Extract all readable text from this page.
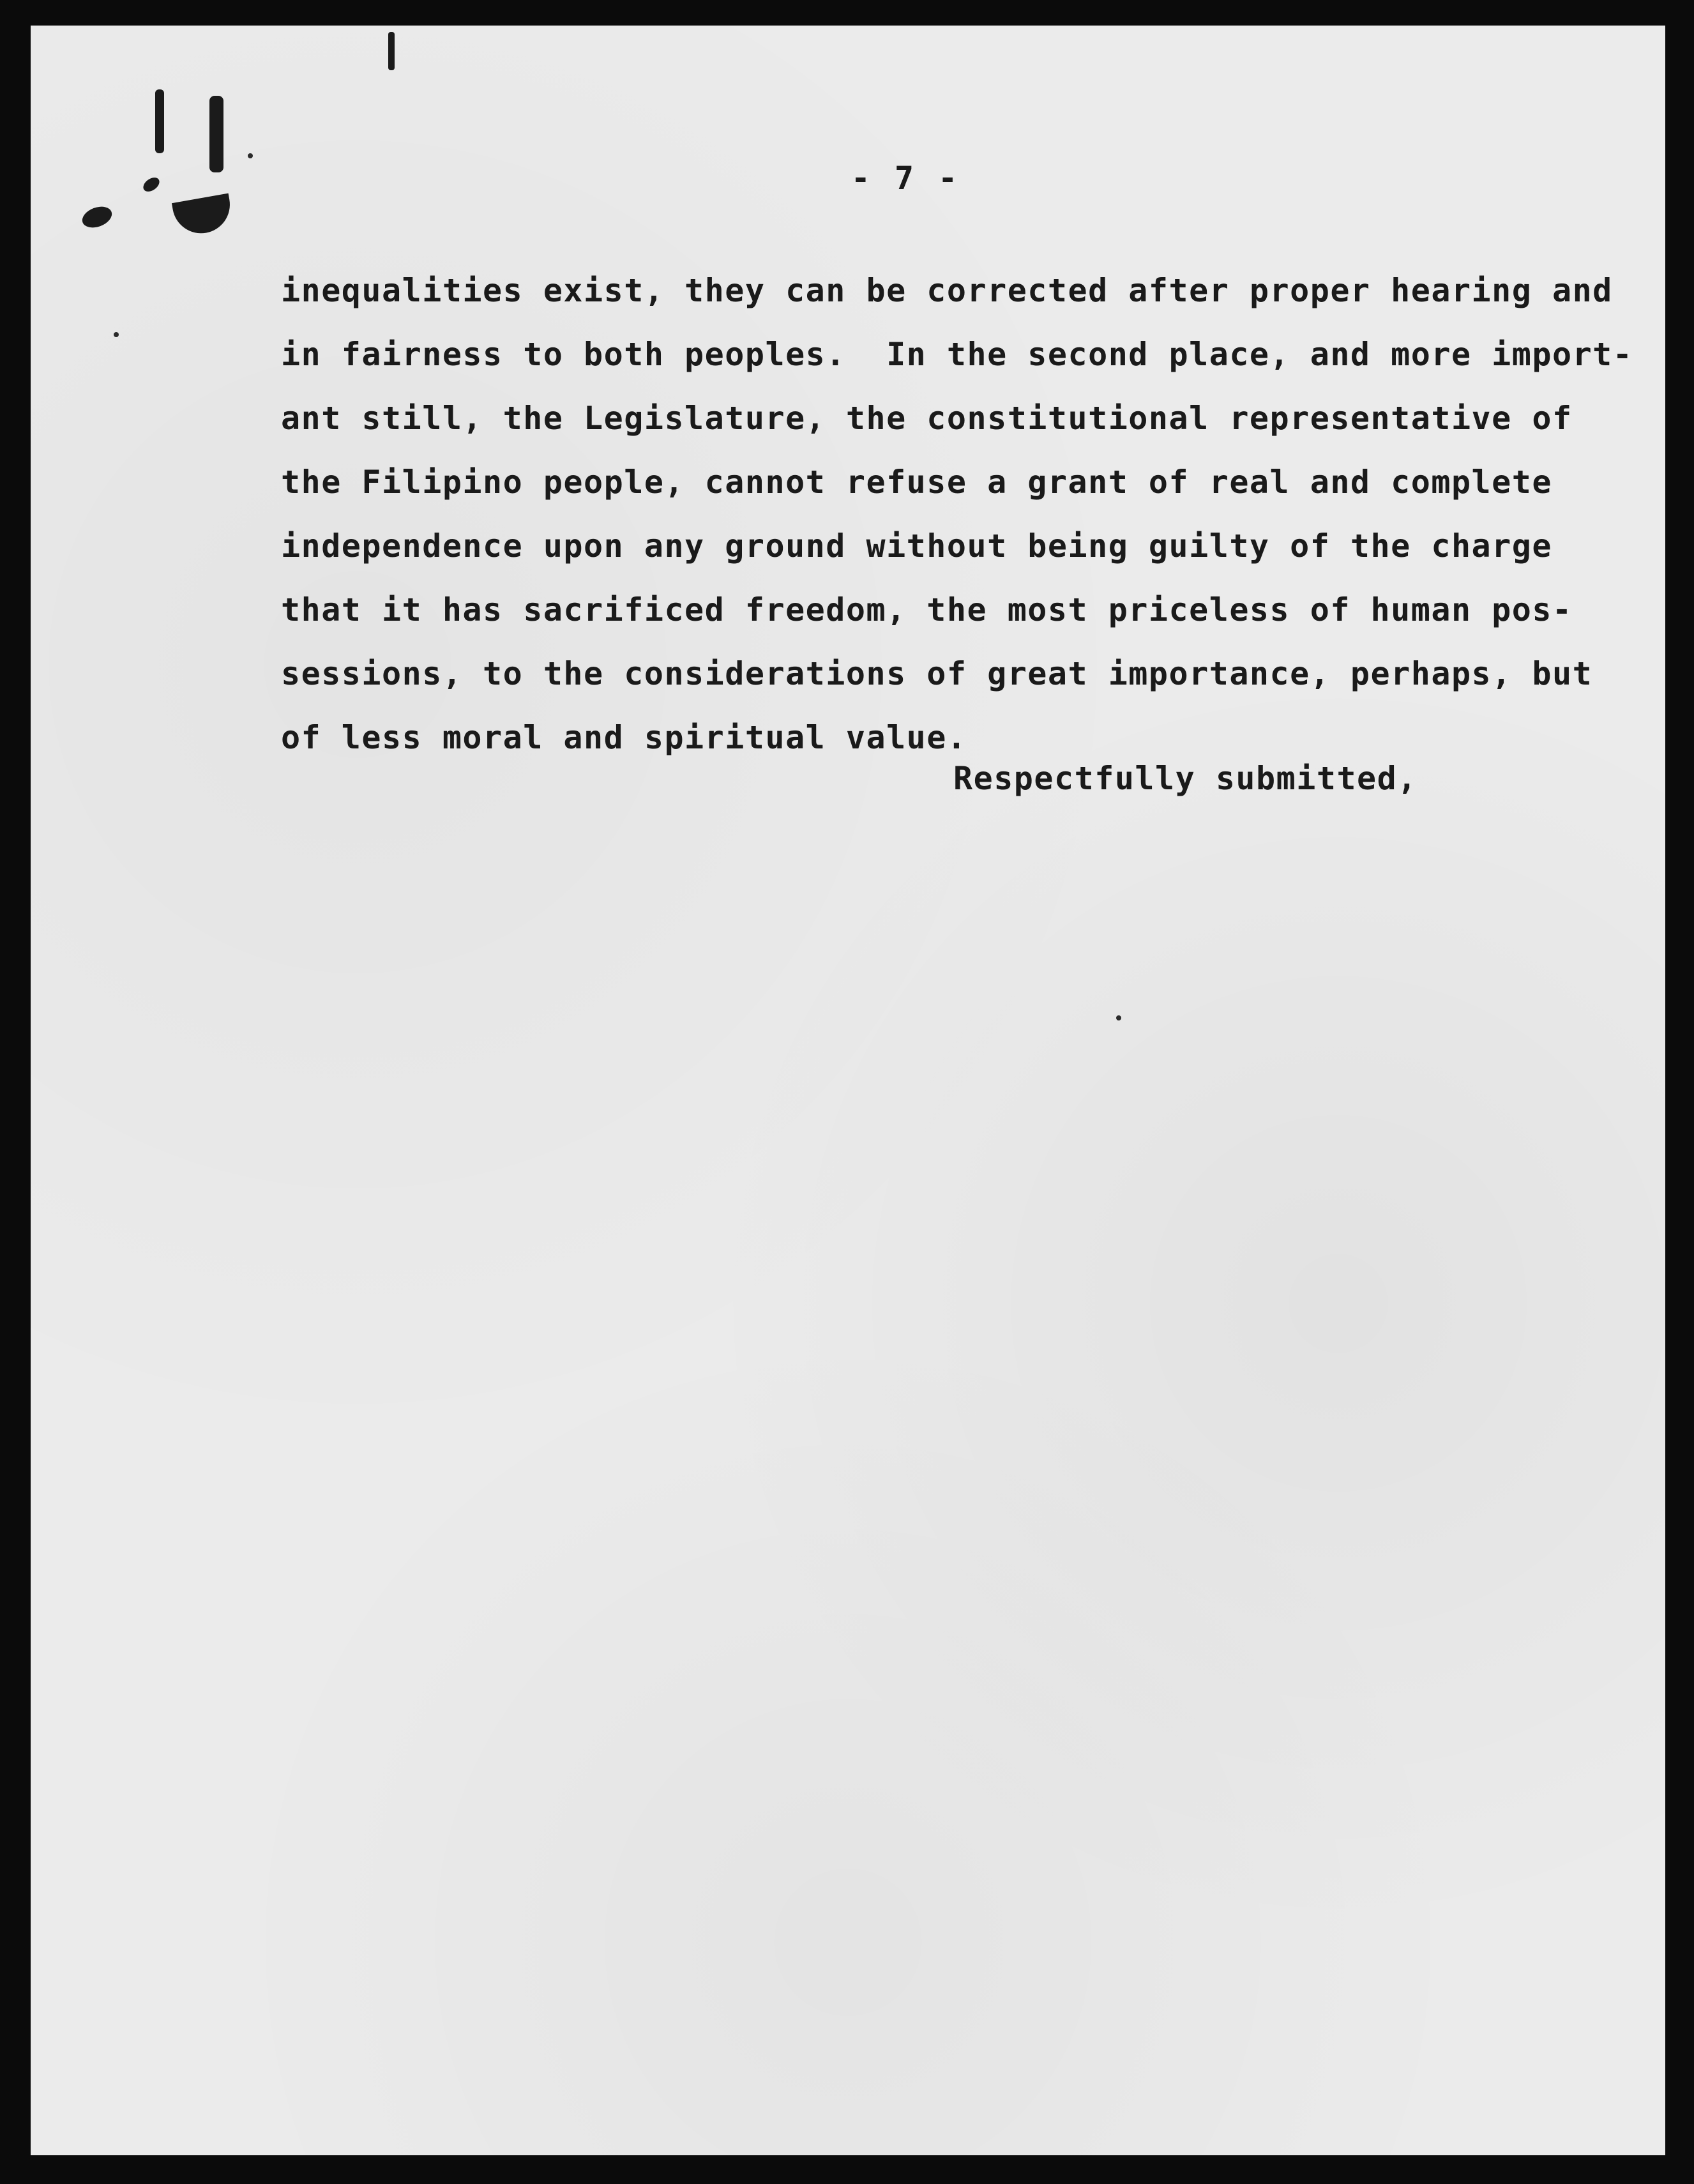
- 7 -
inequalities exist, they can be corrected after proper hearing and
in fairness to both peoples.  In the second place, and more import-
ant still, the Legislature, the constitutional representative of
the Filipino people, cannot refuse a grant of real and complete
independence upon any ground without being guilty of the charge
that it has sacrificed freedom, the most priceless of human pos-
sessions, to the considerations of great importance, perhaps, but
of less moral and spiritual value.
Respectfully submitted,
